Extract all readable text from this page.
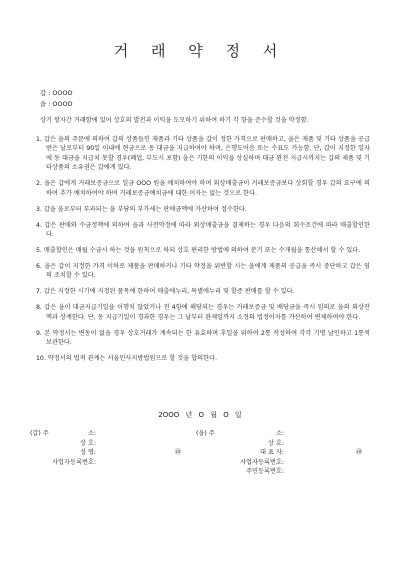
거 래 약 정 서
갑 : OOOO
을 : OOOO
상기 쌍자간 거래함에 있어 상호의 발전과 이익을 도모하기 위하여 하기 각 항을 준수할 것을 약정함.

1. 갑은 을의 주문에 의하여 갑의 상품들인 제품과 기타 상품을 갑이 정한 가격으로 판매하고, 을은 제품 및 기타 상품을 공급받은 날로부터 90일 이내에 현금으로 동 대금을 지급하여야 하며, 은행도어음 또는 수표도 가능함. 단, 갑이 지정한 일자에 동 대금을 지급치 못할 경우(폐업, 부도시 포함) 을은 기한의 이익을 상실하며 대금 완전 지급시까지는 갑의 제품 및 기타상품의 소유권은 갑에게 있다.

2. 을은 갑에게 거래보증금으로 일금 OOO 원을 예치하여야 하며 외상매출금이 거래보증금보다 상회할 경우 갑의 요구에 의하여 추가 예치하여야 하며 거래보증금예치금에 대한 이자는 없는 것으로 한다.

3. 갑을 울로부터 부과되는 을 부담의 부가세는 판매금액에 가산하여 접수한다.

4. 갑은 판매와 수금정책에 의하여 을과 사전약정에 따라 외상매출금을 결제하는 경우 다음의 회수조건에 따라 매출할인한다.

5. 매출할인은 매월 수금시 하는 것을 원칙으로 하되 상호 편리한 방법에 의하여 분기 또는 수개월을 통산해서 할 수 있다.

6. 을은 갑이 지정한 가격 이하로 제품을 판매하거나 기타 약정을 위반할 시는 을에게 제품의 공급을 즉시 중단하고 갑은 임의 조치할 수 있다.

7. 갑은 지정한 시기에 지정된 품목에 한하여 매출에누리, 특별에누리 및 할증 판매를 할 수 있다.

8. 갑은 을이 대금지급기일을 이행치 않았거나 전 4항에 해당되는 경우는 거래보증금 및 배당금을 즉시 임의로 을의 외상잔액과 상계한다. 단, 동 지급기일이 경과한 경우는 그 날부터 완제일까지 소정의 법정이자를 가산하여 변제하여야 한다.

9. 본 약정서는 변동이 없을 경우 상호거래가 계속되는 한 유효하며 후일을 위하여 2통 작성하여 각각 기명 날인하고 1통씩 보관한다.

10. 약정서의 법적 관계는 서울민사지방법원으로 할 것을 합의한다.

2OOO 년 O 월 O 일
(갑) 주	소:
상 호:
성 명:	㊞
사업자등록번호:
(을) 주	소:
상 호:
대 표 자:	㊞
사업자등록번호:
주민등록번호:
